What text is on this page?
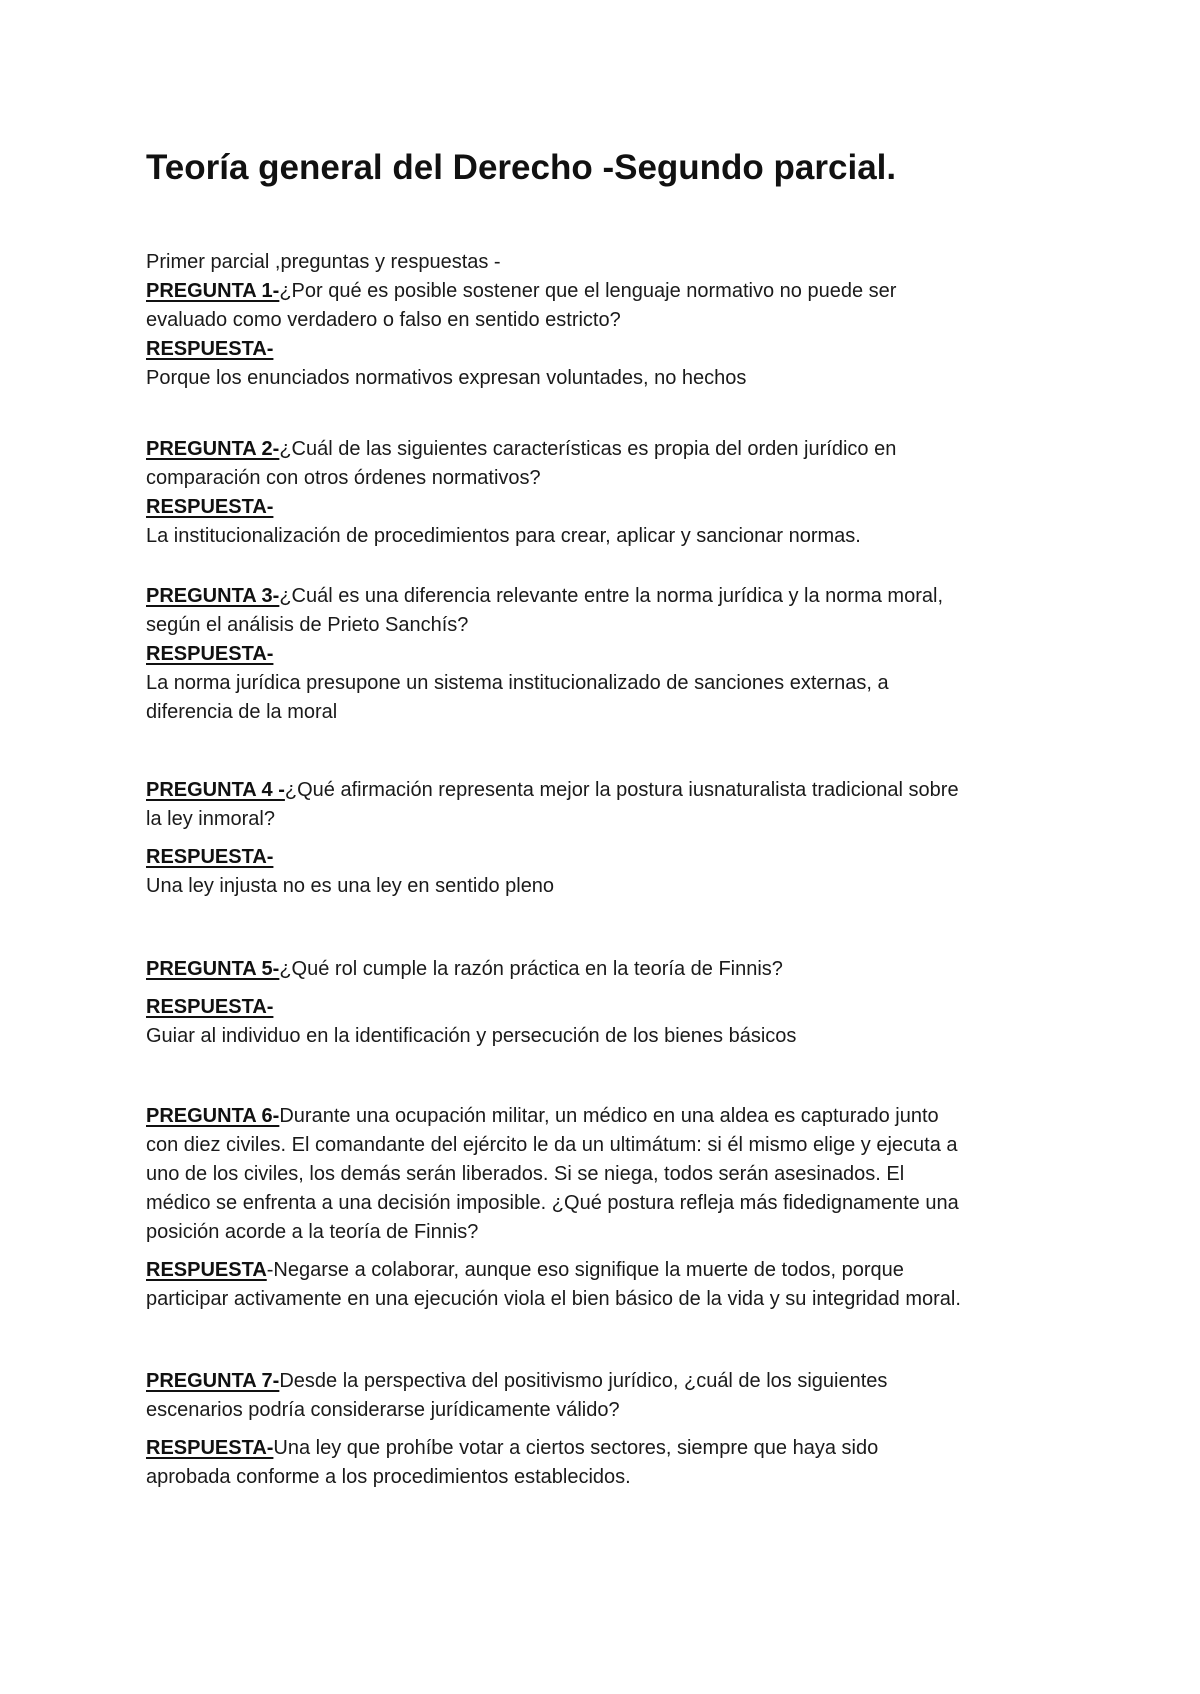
Teoría general del Derecho -Segundo parcial.
Primer parcial ,preguntas y respuestas -
PREGUNTA 1-¿Por qué es posible sostener que el lenguaje normativo no puede ser
evaluado como verdadero o falso en sentido estricto?
RESPUESTA-
Porque los enunciados normativos expresan voluntades, no hechos
PREGUNTA 2-¿Cuál de las siguientes características es propia del orden jurídico en
comparación con otros órdenes normativos?
RESPUESTA-
La institucionalización de procedimientos para crear, aplicar y sancionar normas.
PREGUNTA 3-¿Cuál es una diferencia relevante entre la norma jurídica y la norma moral,
según el análisis de Prieto Sanchís?
RESPUESTA-
La norma jurídica presupone un sistema institucionalizado de sanciones externas, a
diferencia de la moral
PREGUNTA 4 -¿Qué afirmación representa mejor la postura iusnaturalista tradicional sobre
la ley inmoral?
RESPUESTA-
Una ley injusta no es una ley en sentido pleno
PREGUNTA 5-¿Qué rol cumple la razón práctica en la teoría de Finnis?
RESPUESTA-
Guiar al individuo en la identificación y persecución de los bienes básicos
PREGUNTA 6-Durante una ocupación militar, un médico en una aldea es capturado junto
con diez civiles. El comandante del ejército le da un ultimátum: si él mismo elige y ejecuta a
uno de los civiles, los demás serán liberados. Si se niega, todos serán asesinados. El
médico se enfrenta a una decisión imposible. ¿Qué postura refleja más fidedignamente una
posición acorde a la teoría de Finnis?
RESPUESTA-Negarse a colaborar, aunque eso signifique la muerte de todos, porque
participar activamente en una ejecución viola el bien básico de la vida y su integridad moral.
PREGUNTA 7-Desde la perspectiva del positivismo jurídico, ¿cuál de los siguientes
escenarios podría considerarse jurídicamente válido?
RESPUESTA-Una ley que prohíbe votar a ciertos sectores, siempre que haya sido
aprobada conforme a los procedimientos establecidos.
